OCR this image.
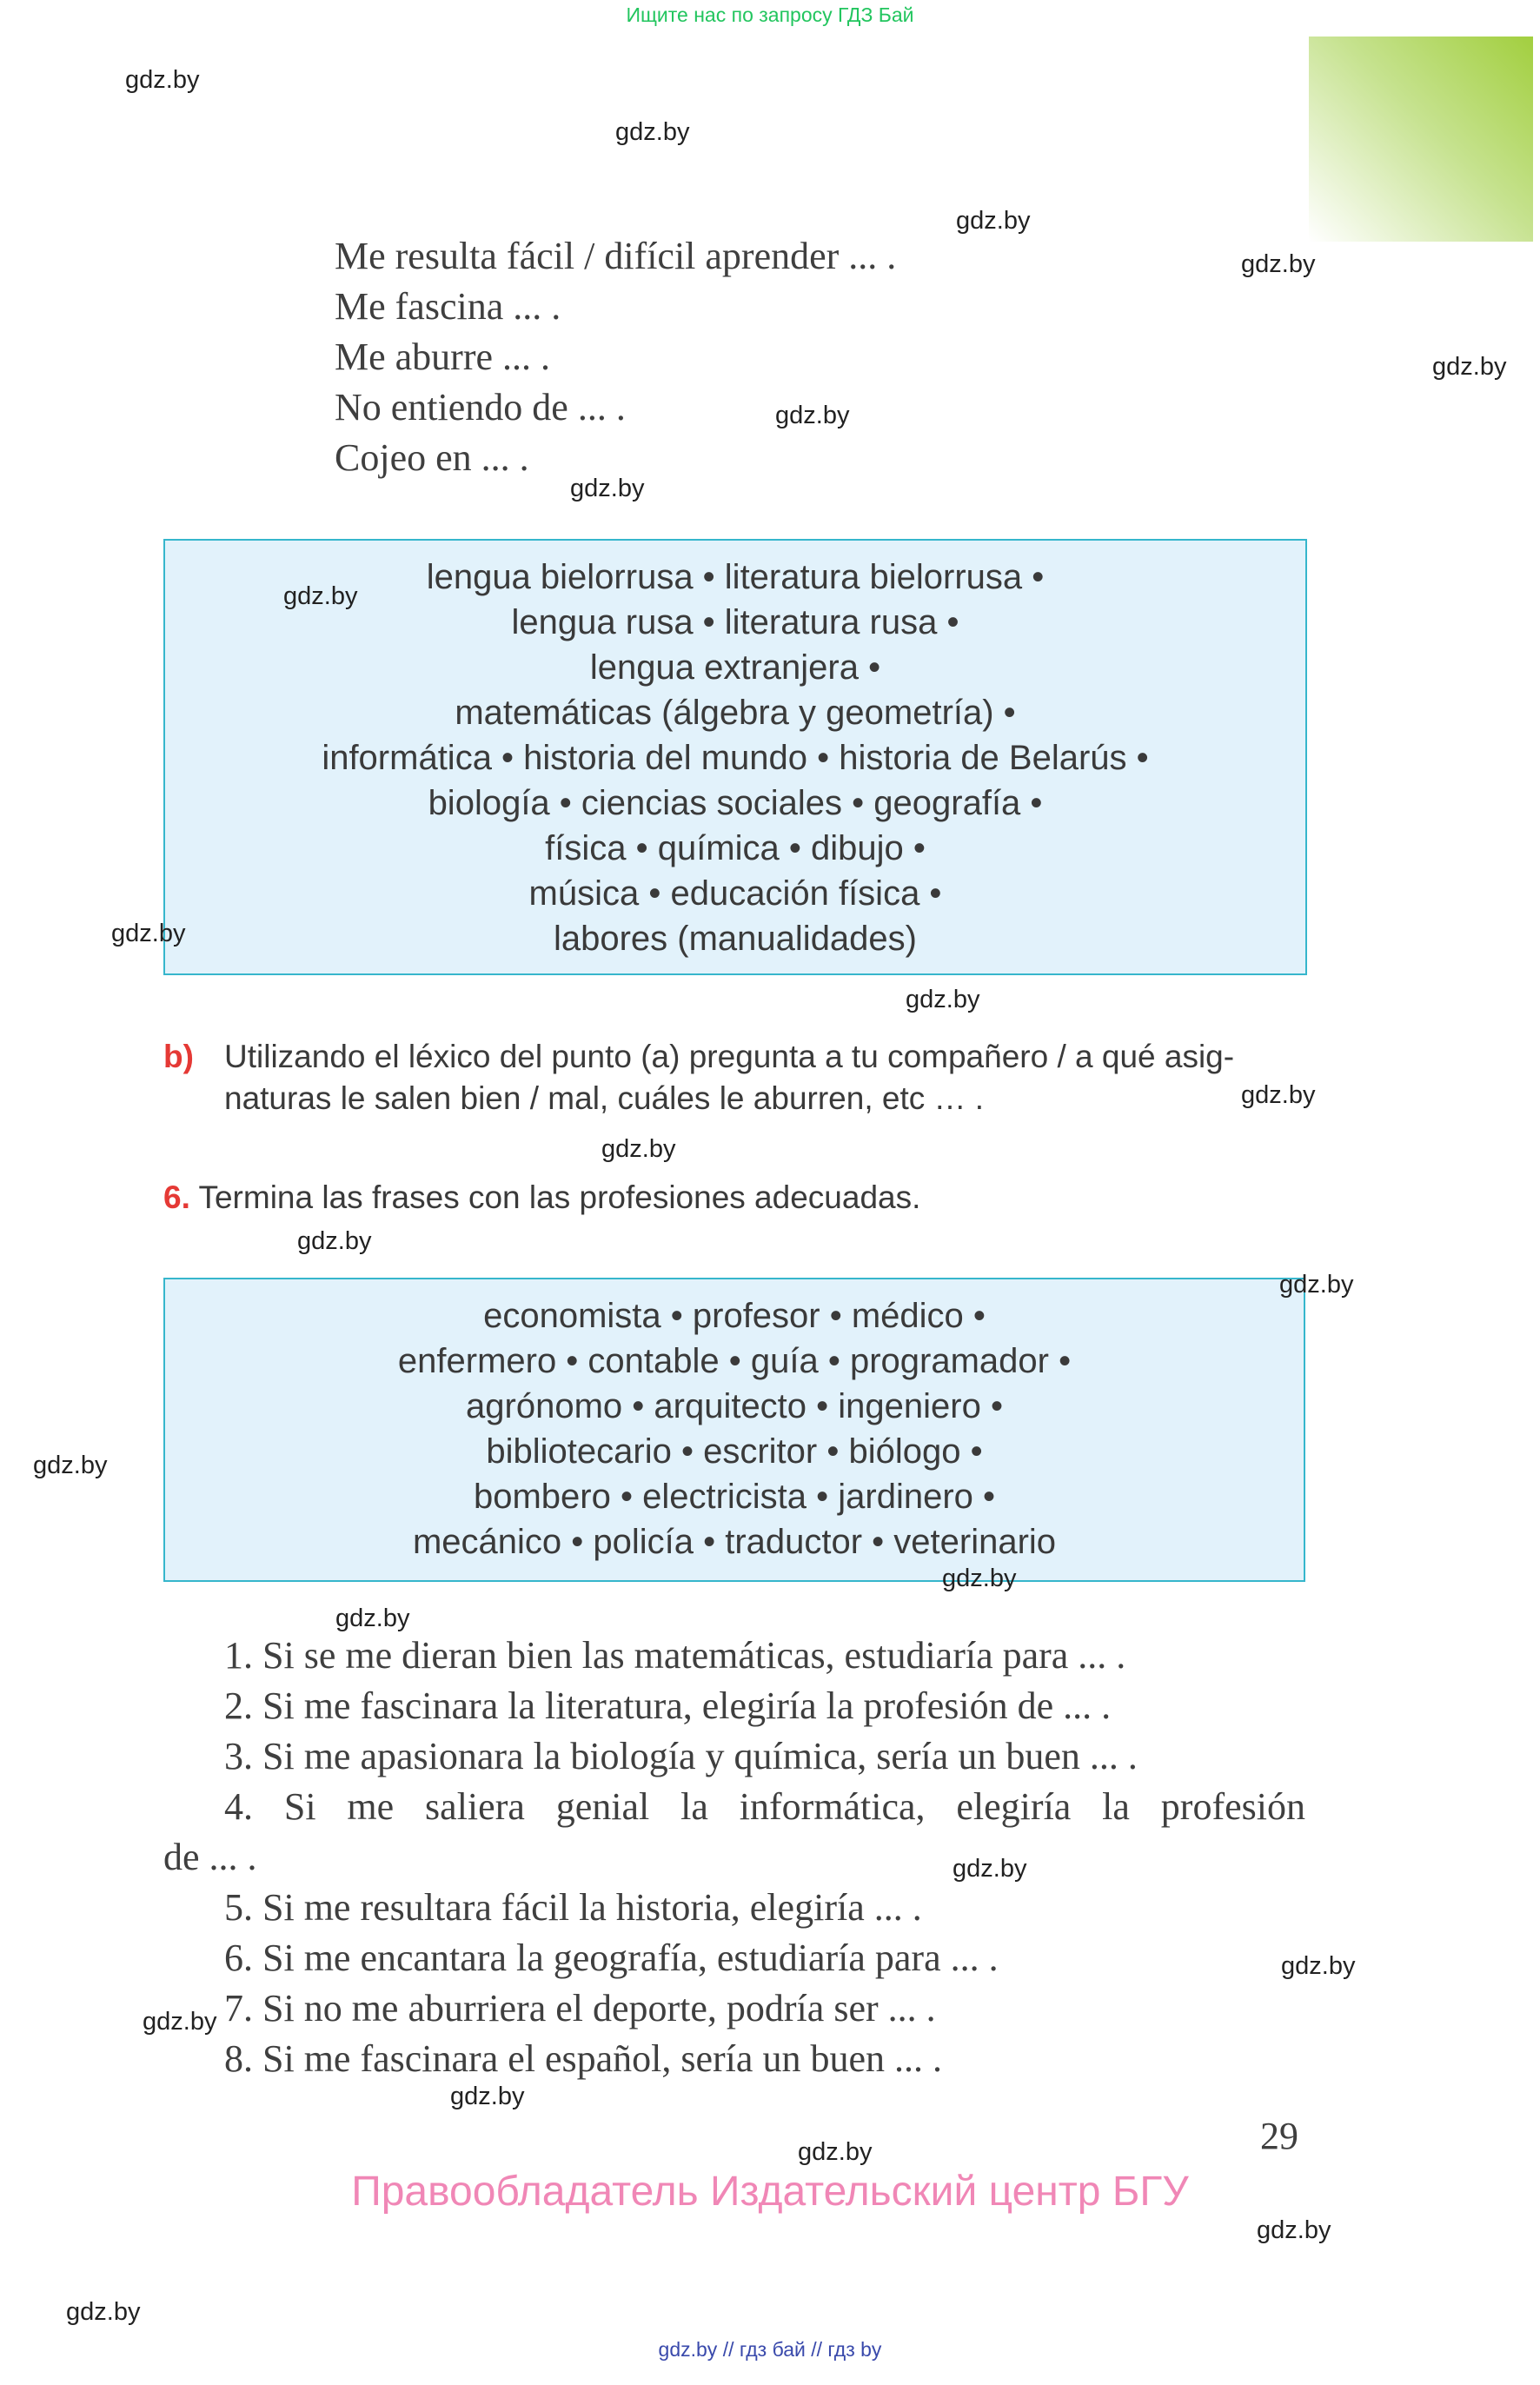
Ищите нас по запросу ГДЗ Бай
Me resulta fácil / difícil aprender ... .
Me fascina ... .
Me aburre ... .
No entiendo de ... .
Cojeo en ... .
lengua bielorrusa • literatura bielorrusa •
lengua rusa • literatura rusa •
lengua extranjera •
matemáticas (álgebra y geometría) •
informática • historia del mundo • historia de Belarús •
biología • ciencias sociales • geografía •
física • química • dibujo •
música • educación física •
labores (manualidades)
b) Utilizando el léxico del punto (a) pregunta a tu compañero / a qué asig-
naturas le salen bien / mal, cuáles le aburren, etc … .
6. Termina las frases con las profesiones adecuadas.
economista • profesor • médico •
enfermero • contable • guía • programador •
agrónomo • arquitecto • ingeniero •
bibliotecario • escritor • biólogo •
bombero • electricista • jardinero •
mecánico • policía • traductor • veterinario
1. Si se me dieran bien las matemáticas, estudiaría para ... .
2. Si me fascinara la literatura, elegiría la profesión de ... .
3. Si me apasionara la biología y química, sería un buen ... .
4. Si me saliera genial la informática, elegiría la profesión
de ... .
5. Si me resultara fácil la historia, elegiría ... .
6. Si me encantara la geografía, estudiaría para ... .
7. Si no me aburriera el deporte, podría ser ... .
8. Si me fascinara el español, sería un buen ... .
29
Правообладатель Издательский центр БГУ
gdz.by // гдз бай // гдз by
gdz.by
gdz.by
gdz.by
gdz.by
gdz.by
gdz.by
gdz.by
gdz.by
gdz.by
gdz.by
gdz.by
gdz.by
gdz.by
gdz.by
gdz.by
gdz.by
gdz.by
gdz.by
gdz.by
gdz.by
gdz.by
gdz.by
gdz.by
gdz.by
